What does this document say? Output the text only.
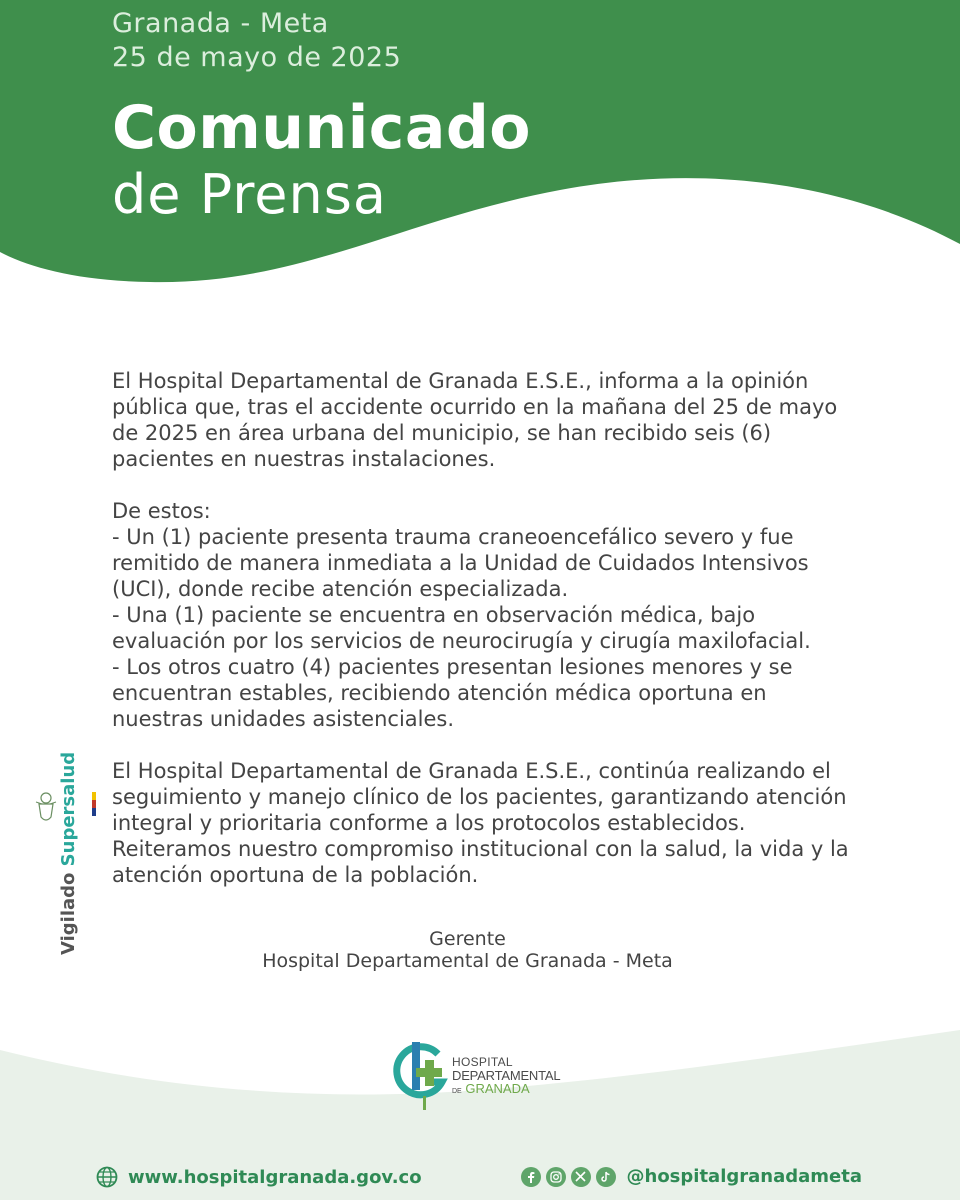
Granada - Meta
25 de mayo de 2025
Comunicado
de Prensa

El Hospital Departamental de Granada E.S.E., informa a la opinión pública que, tras el accidente ocurrido en la mañana del 25 de mayo de 2025 en área urbana del municipio, se han recibido seis (6) pacientes en nuestras instalaciones.

De estos:

- Un (1) paciente presenta trauma craneoencefálico severo y fue remitido de manera inmediata a la Unidad de Cuidados Intensivos (UCI), donde recibe atención especializada.

- Una (1) paciente se encuentra en observación médica, bajo evaluación por los servicios de neurocirugía y cirugía maxilofacial.

- Los otros cuatro (4) pacientes presentan lesiones menores y se encuentran estables, recibiendo atención médica oportuna en nuestras unidades asistenciales.

El Hospital Departamental de Granada E.S.E., continúa realizando el seguimiento y manejo clínico de los pacientes, garantizando atención integral y prioritaria conforme a los protocolos establecidos. Reiteramos nuestro compromiso institucional con la salud, la vida y la atención oportuna de la población.

Gerente
Hospital Departamental de Granada - Meta
Vigilado Supersalud
HOSPITAL
DEPARTAMENTAL
DE GRANADA
www.hospitalgranada.gov.co	@hospitalgranadameta
